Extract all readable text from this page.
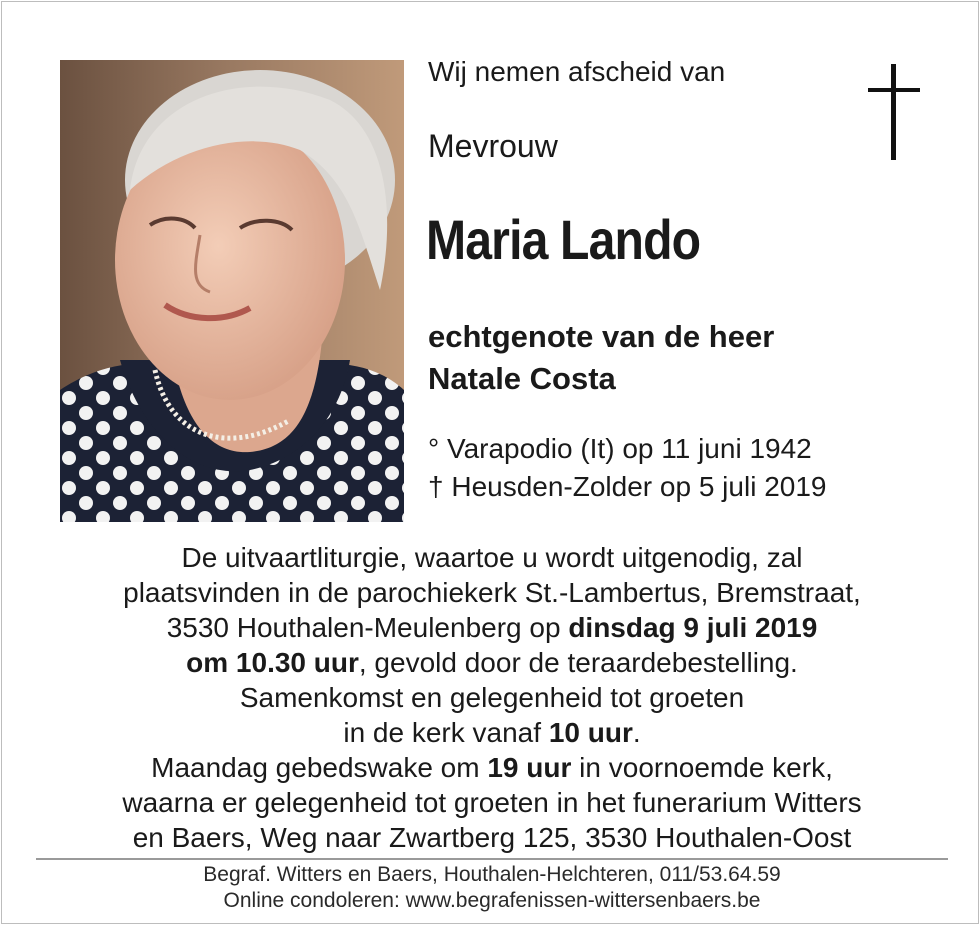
Wij nemen afscheid van
Mevrouw
Maria Lando
echtgenote van de heer
Natale Costa
° Varapodio (It) op 11 juni 1942
† Heusden-Zolder op 5 juli 2019
De uitvaartliturgie, waartoe u wordt uitgenodig, zal
plaatsvinden in de parochiekerk St.-Lambertus, Bremstraat,
3530 Houthalen-Meulenberg op dinsdag 9 juli 2019
om 10.30 uur, gevold door de teraardebestelling.
Samenkomst en gelegenheid tot groeten
in de kerk vanaf 10 uur.
Maandag gebedswake om 19 uur in voornoemde kerk,
waarna er gelegenheid tot groeten in het funerarium Witters
en Baers, Weg naar Zwartberg 125, 3530 Houthalen-Oost
Begraf. Witters en Baers, Houthalen-Helchteren, 011/53.64.59
Online condoleren: www.begrafenissen-wittersenbaers.be
